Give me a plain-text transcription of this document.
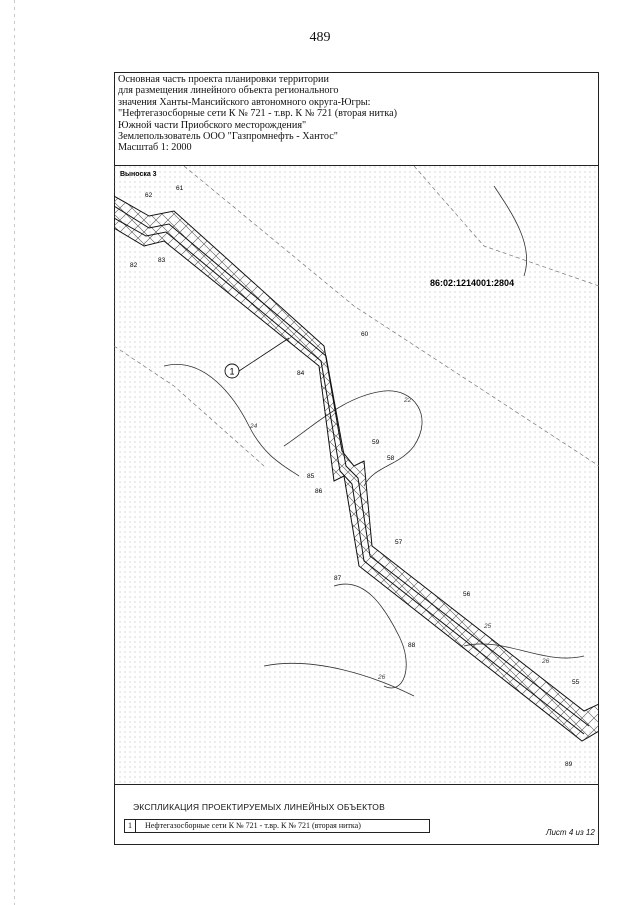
489
Основная часть проекта планировки территории
для размещения линейного объекта регионального
значения Ханты-Мансийского автономного округа-Югры:
"Нефтегазосборные сети К № 721 - т.вр. К № 721 (вторая нитка)
Южной части Приобского месторождения"
Землепользователь ООО "Газпромнефть - Хантос"
Масштаб 1: 2000
1
Выноска 3
86:02:1214001:2804
61
62
82
83
60
84
59
58
85
86
57
87
56
88
55
89
24
22
26
25
26
ЭКСПЛИКАЦИЯ ПРОЕКТИРУЕМЫХ ЛИНЕЙНЫХ ОБЪЕКТОВ
1	Нефтегазосборные сети К № 721 - т.вр. К № 721 (вторая нитка)
Лист 4 из 12
